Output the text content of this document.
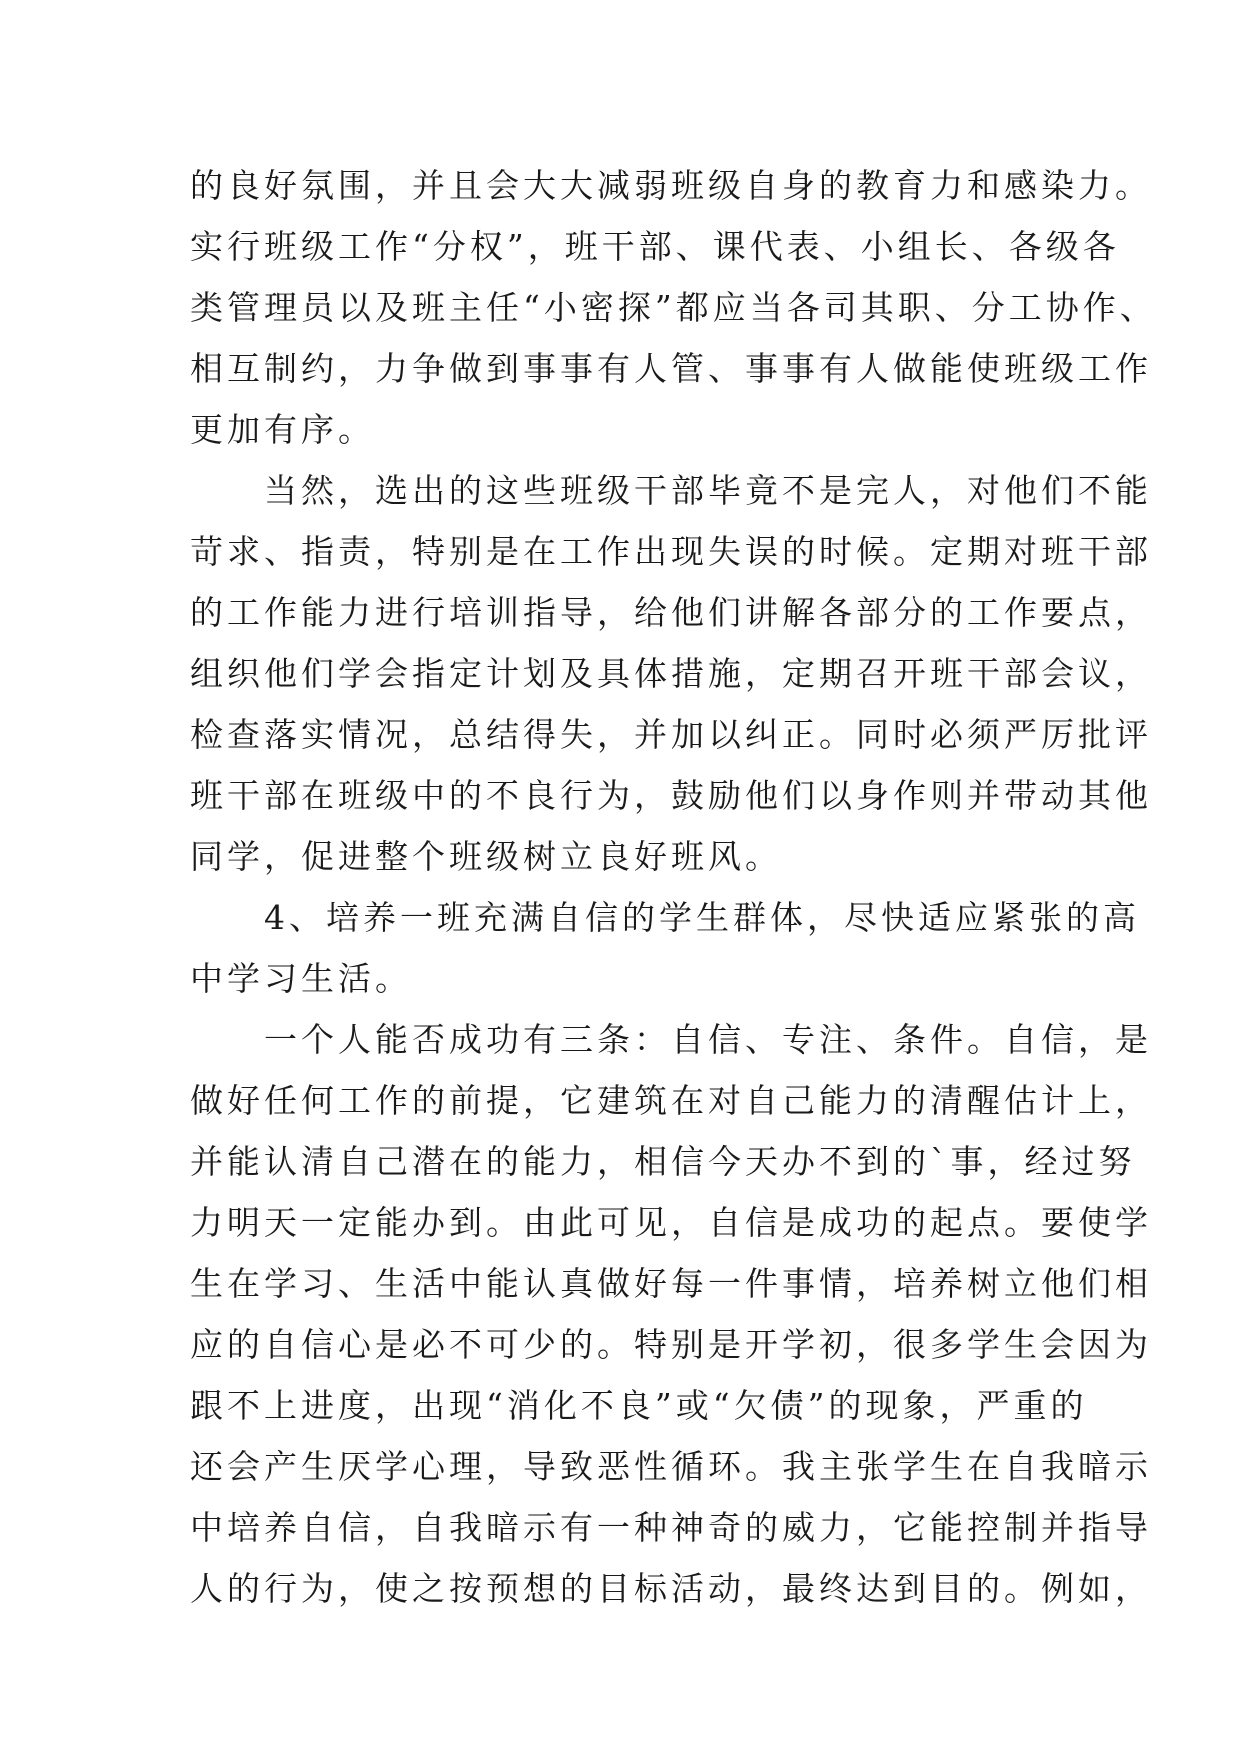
的良好氛围，并且会大大减弱班级自身的教育力和感染力。
实行班级工作“分权”，班干部、课代表、小组长、各级各
类管理员以及班主任“小密探”都应当各司其职、分工协作、
相互制约，力争做到事事有人管、事事有人做能使班级工作
更加有序。
　　当然，选出的这些班级干部毕竟不是完人，对他们不能
苛求、指责，特别是在工作出现失误的时候。定期对班干部
的工作能力进行培训指导，给他们讲解各部分的工作要点，
组织他们学会指定计划及具体措施，定期召开班干部会议，
检查落实情况，总结得失，并加以纠正。同时必须严厉批评
班干部在班级中的不良行为，鼓励他们以身作则并带动其他
同学，促进整个班级树立良好班风。
　　4、培养一班充满自信的学生群体，尽快适应紧张的高
中学习生活。
　　一个人能否成功有三条：自信、专注、条件。自信，是
做好任何工作的前提，它建筑在对自己能力的清醒估计上，
并能认清自己潜在的能力，相信今天办不到的`事，经过努
力明天一定能办到。由此可见，自信是成功的起点。要使学
生在学习、生活中能认真做好每一件事情，培养树立他们相
应的自信心是必不可少的。特别是开学初，很多学生会因为
跟不上进度，出现“消化不良”或“欠债”的现象，严重的
还会产生厌学心理，导致恶性循环。我主张学生在自我暗示
中培养自信，自我暗示有一种神奇的威力，它能控制并指导
人的行为，使之按预想的目标活动，最终达到目的。例如，
